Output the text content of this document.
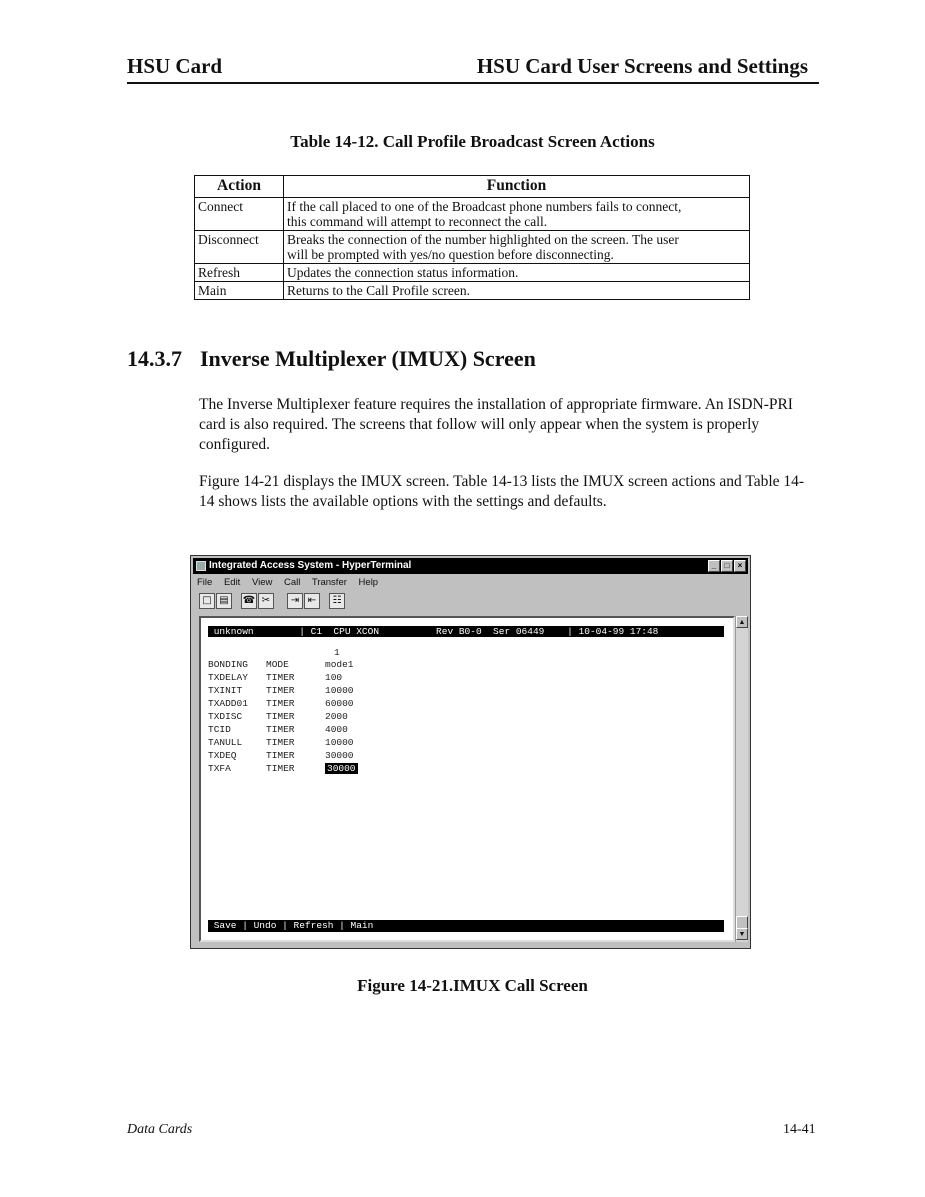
HSU Card	HSU Card User Screens and Settings
Table 14-12. Call Profile Broadcast Screen Actions
Action	Function
Connect	If the call placed to one of the Broadcast phone numbers fails to connect,
this command will attempt to reconnect the call.
Disconnect	Breaks the connection of the number highlighted on the screen. The user
will be prompted with yes/no question before disconnecting.
Refresh	Updates the connection status information.
Main	Returns to the Call Profile screen.
14.3.7 Inverse Multiplexer (IMUX) Screen
The Inverse Multiplexer feature requires the installation of appropriate firmware. An ISDN-PRI card is also required. The screens that follow will only appear when the system is properly configured.
Figure 14-21 displays the IMUX screen. Table 14-13 lists the IMUX screen actions and Table 14-14 shows lists the available options with the settings and defaults.
Integrated Access System - HyperTerminal	_	□	×
File Edit View Call Transfer Help
□ ▤	☎ ✂	⇥ ⇤	☷
unknown        | C1  CPU XCON          Rev B0-0  Ser 06449    | 10-04-99 17:48
1
BONDING MODE	mode1
TXDELAY TIMER	100
TXINIT	TIMER	10000
TXADD01 TIMER	60000
TXDISC	TIMER	2000
TCID	TIMER	4000
TANULL	TIMER	10000
TXDEQ	TIMER	30000
TXFA	TIMER	30000
Save | Undo | Refresh | Main
▲
▼
Figure 14-21.IMUX Call Screen
Data Cards	14-41
